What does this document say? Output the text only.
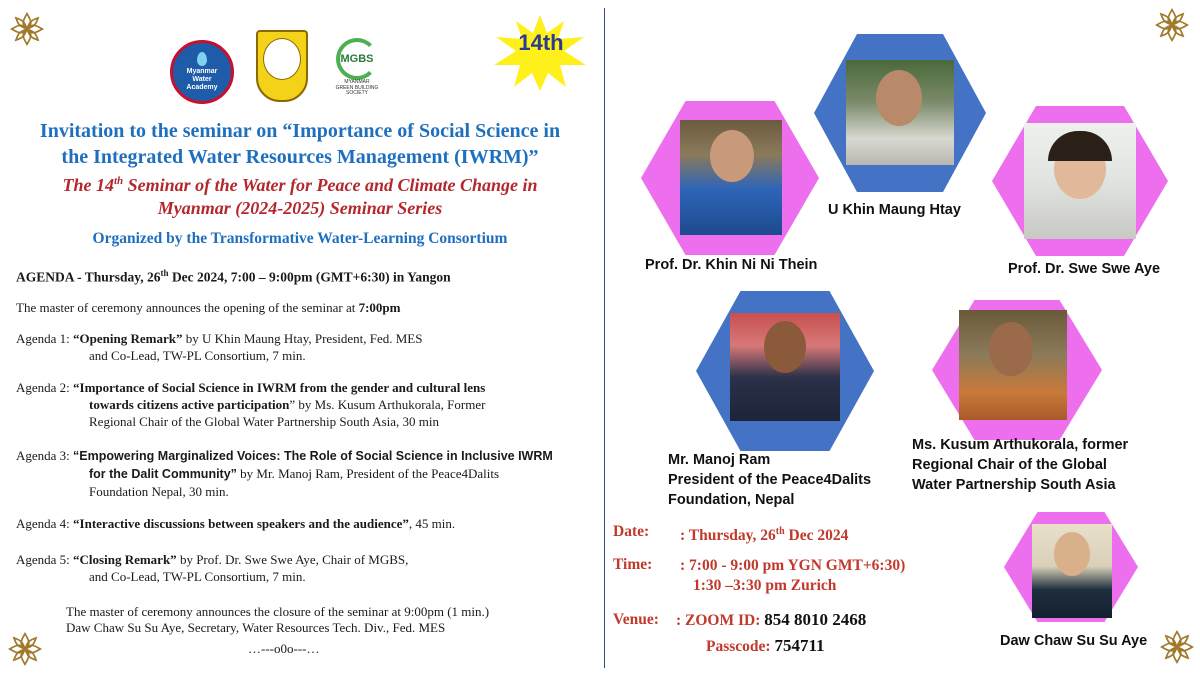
Myanmar
Water
Academy
MGBS
MYANMAR
GREEN BUILDING
SOCIETY
14th
Invitation to the seminar on “Importance of Social Science in
the Integrated Water Resources Management (IWRM)”
The 14th Seminar of the Water for Peace and Climate Change in
Myanmar (2024-2025) Seminar Series
Organized by the Transformative Water-Learning Consortium
AGENDA - Thursday, 26th Dec 2024, 7:00 – 9:00pm (GMT+6:30) in Yangon
The master of ceremony announces the opening of the seminar at 7:00pm
Agenda 1: “Opening Remark” by U Khin Maung Htay, President, Fed. MES
and Co-Lead, TW-PL Consortium, 7 min.
Agenda 2: “Importance of Social Science in IWRM from the gender and cultural lens
towards citizens active participation” by Ms. Kusum Arthukorala, Former
Regional Chair of the Global Water Partnership South Asia, 30 min
Agenda 3: “Empowering Marginalized Voices: The Role of Social Science in Inclusive IWRM
for the Dalit Community” by Mr. Manoj Ram, President of the Peace4Dalits
Foundation Nepal, 30 min.
Agenda 4: “Interactive discussions between speakers and the audience”, 45 min.
Agenda 5: “Closing Remark” by Prof. Dr. Swe Swe Aye, Chair of MGBS,
and Co-Lead, TW-PL Consortium, 7 min.
The master of ceremony announces the closure of the seminar at 9:00pm (1 min.)
Daw Chaw Su Su Aye, Secretary, Water Resources Tech. Div., Fed. MES
…---o0o---…
Prof. Dr. Khin Ni Ni Thein
U Khin Maung Htay
Prof. Dr. Swe Swe Aye
Mr. Manoj Ram
President of the Peace4Dalits
Foundation, Nepal
Ms. Kusum Arthukorala, former
Regional Chair of the Global
Water Partnership South Asia
Daw Chaw Su Su Aye
Date: : Thursday, 26th Dec 2024
Time: : 7:00 - 9:00 pm YGN GMT+6:30)
1:30 –3:30 pm Zurich
Venue: : ZOOM ID: 854 8010 2468
Passcode: 754711
